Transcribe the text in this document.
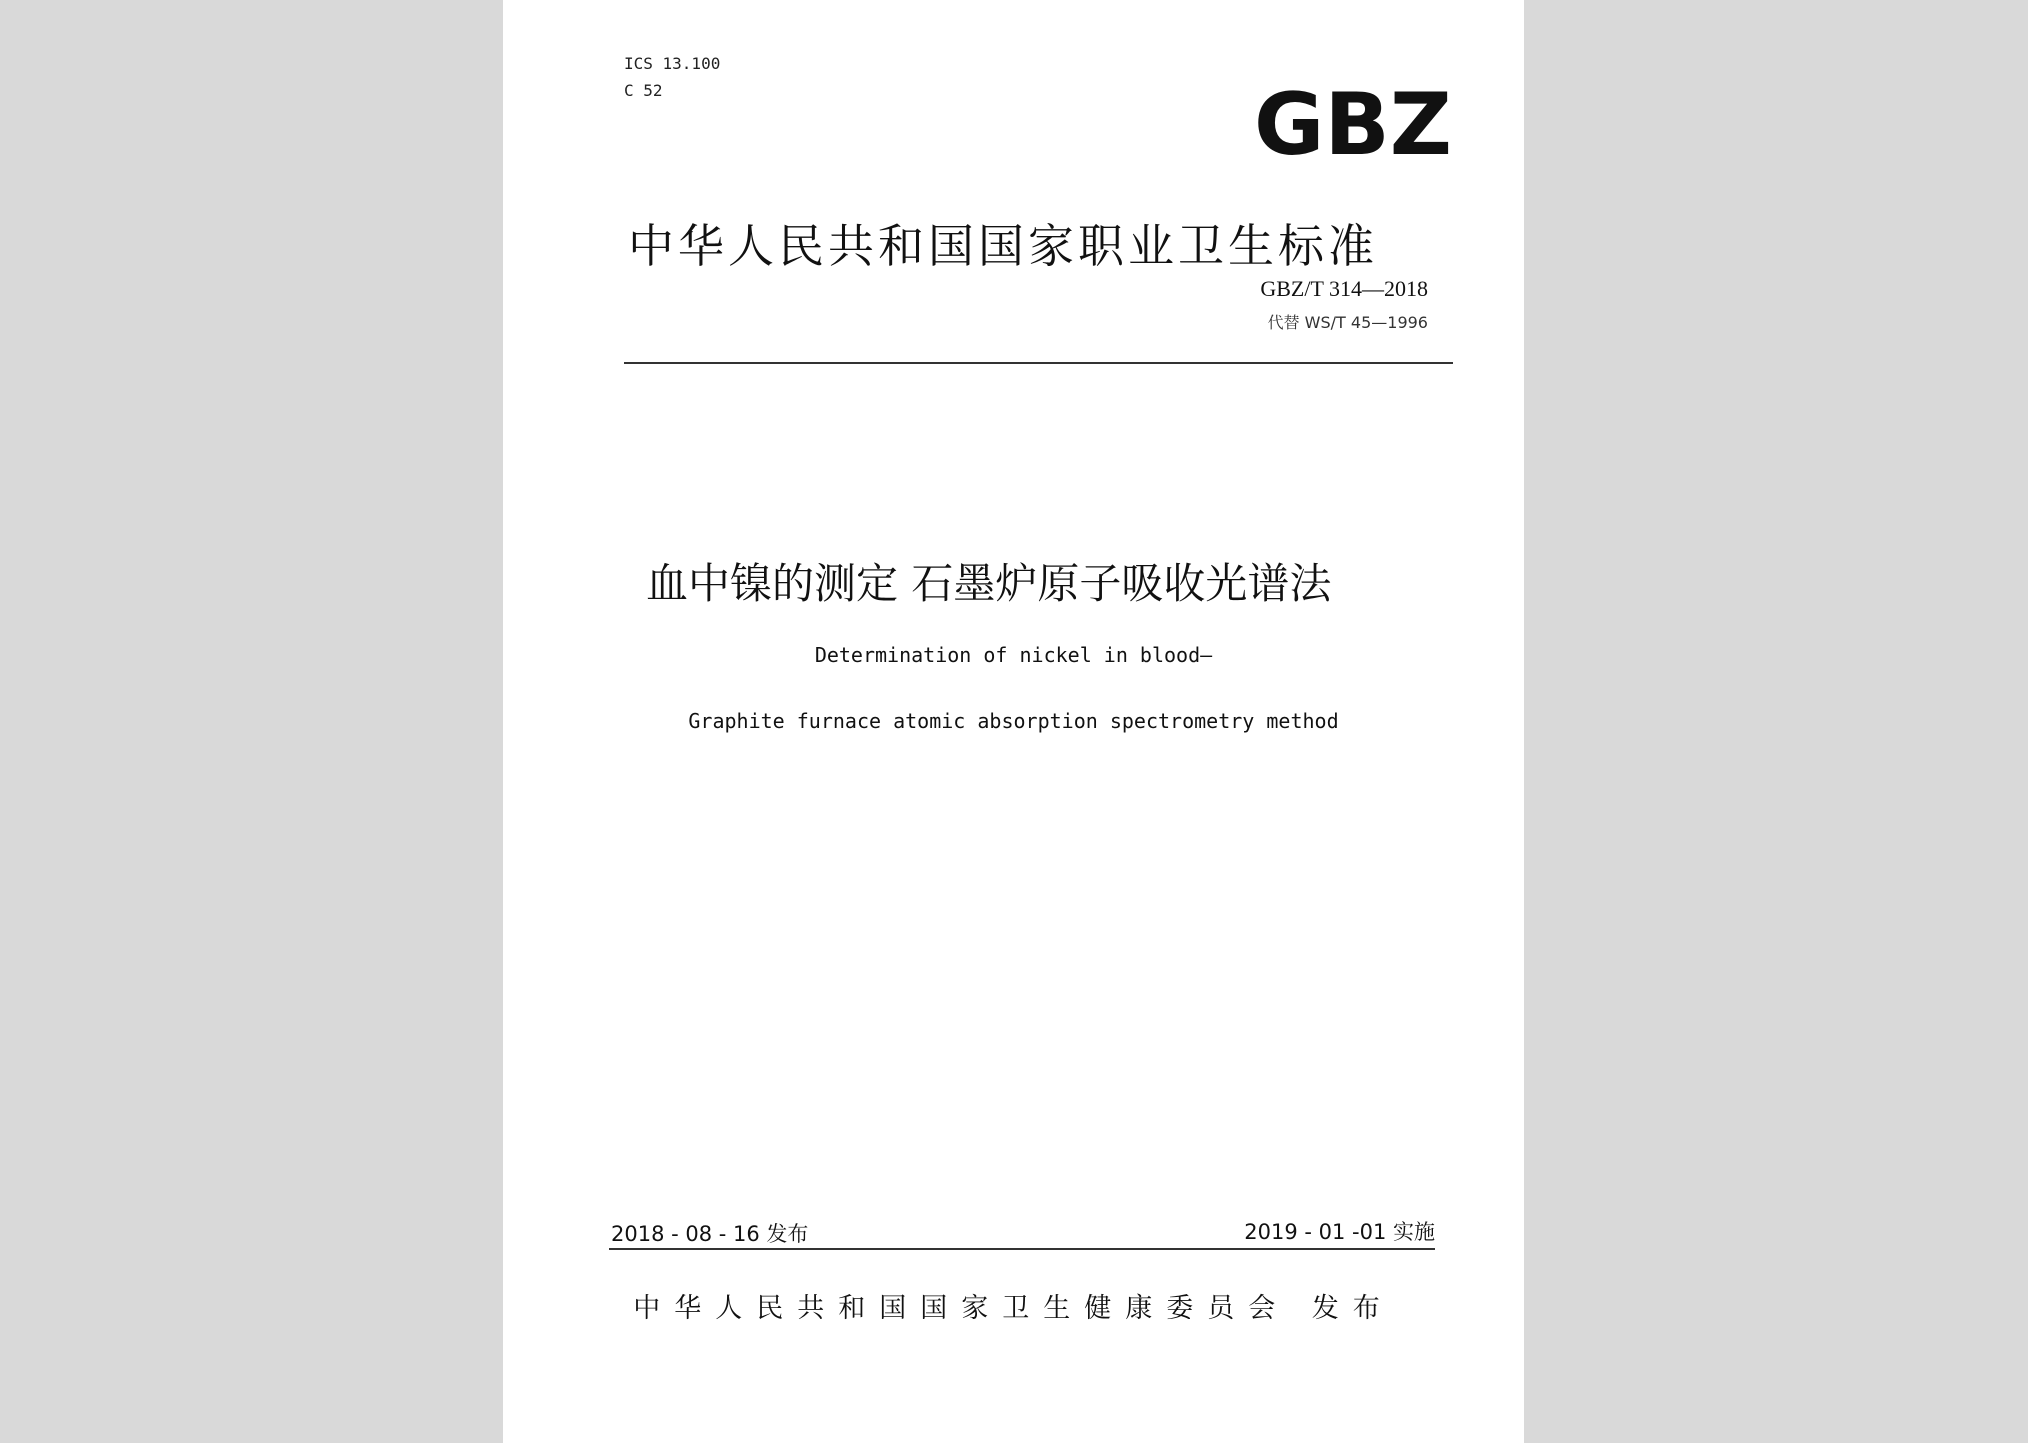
ICS 13.100
C 52	GBZ
中华人民共和国国家职业卫生标准
GBZ/T 314—2018
代替 WS/T 45—1996
血中镍的测定 石墨炉原子吸收光谱法
Determination of nickel in blood—
Graphite furnace atomic absorption spectrometry method
2018 - 08 - 16 发布	2019 - 01 -01 实施
中华人民共和国国家卫生健康委员会 发布
